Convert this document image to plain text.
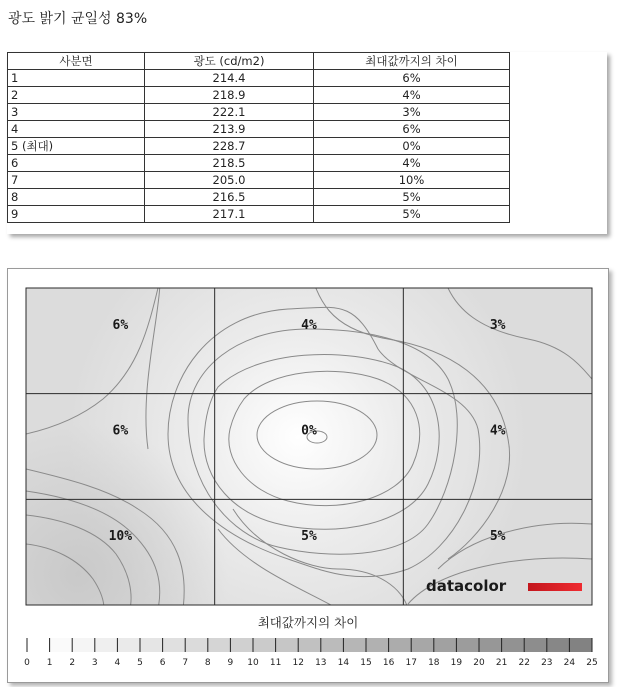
광도 밝기 균일성 83%
사분면	광도 (cd/m2)	최대값까지의 차이
1	214.4	6%
2	218.9	4%
3	222.1	3%
4	213.9	6%
5 (최대)	228.7	0%
6	218.5	4%
7	205.0	10%
8	216.5	5%
9	217.1	5%
6%	4%	3%
6%	0%	4%
10%	5%	5%
datacolor
최대값까지의 차이
0 1 2 3 4 5 6 7 8 9 10 11 12 13 14 15 16 17 18 19 20 21 22 23 24 25
